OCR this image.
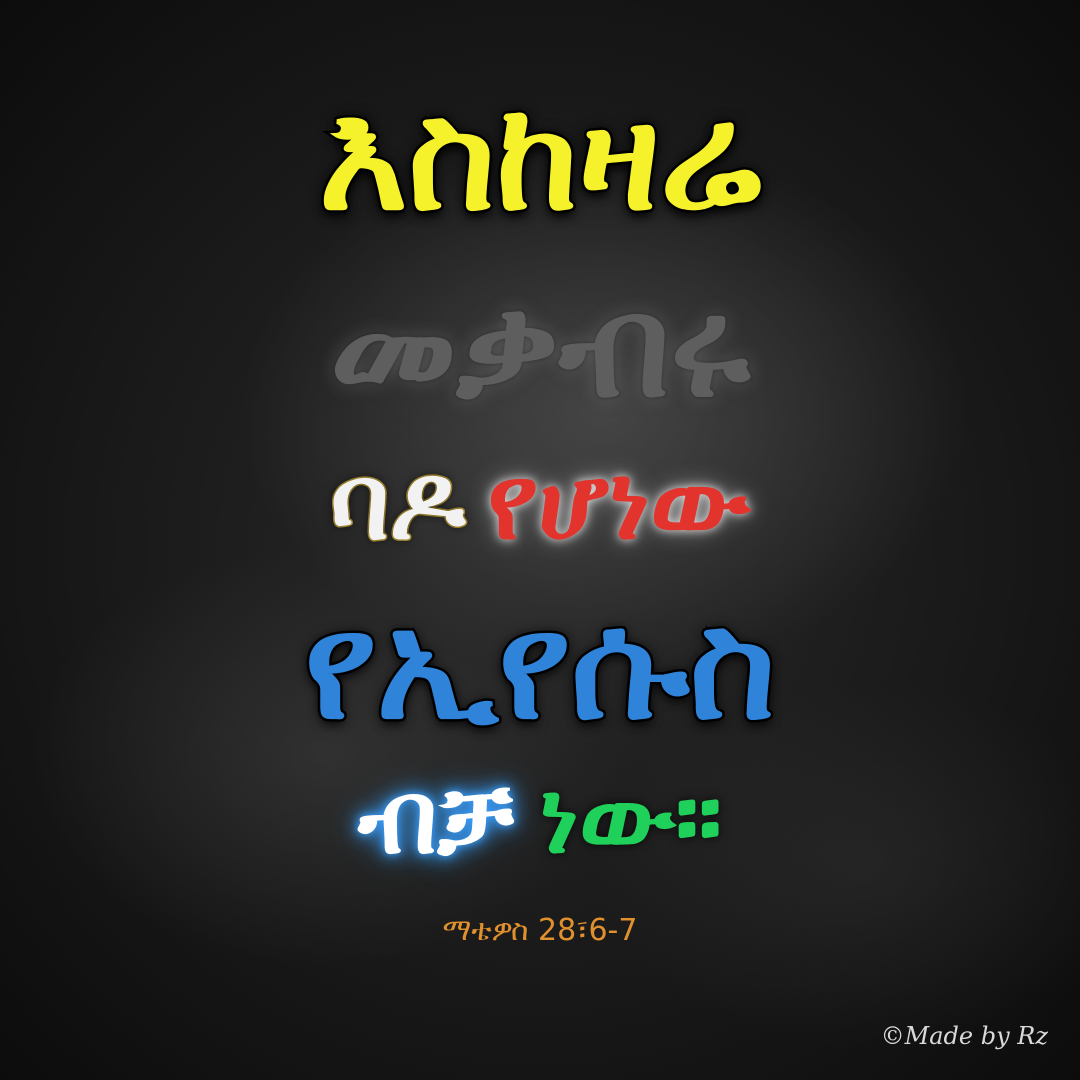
እስከዛሬ
መቃብሩ
ባዶ የሆነው
የኢየሱስ
ብቻ ነው።
ማቴዎስ 28፣6-7
©Made by Rz
